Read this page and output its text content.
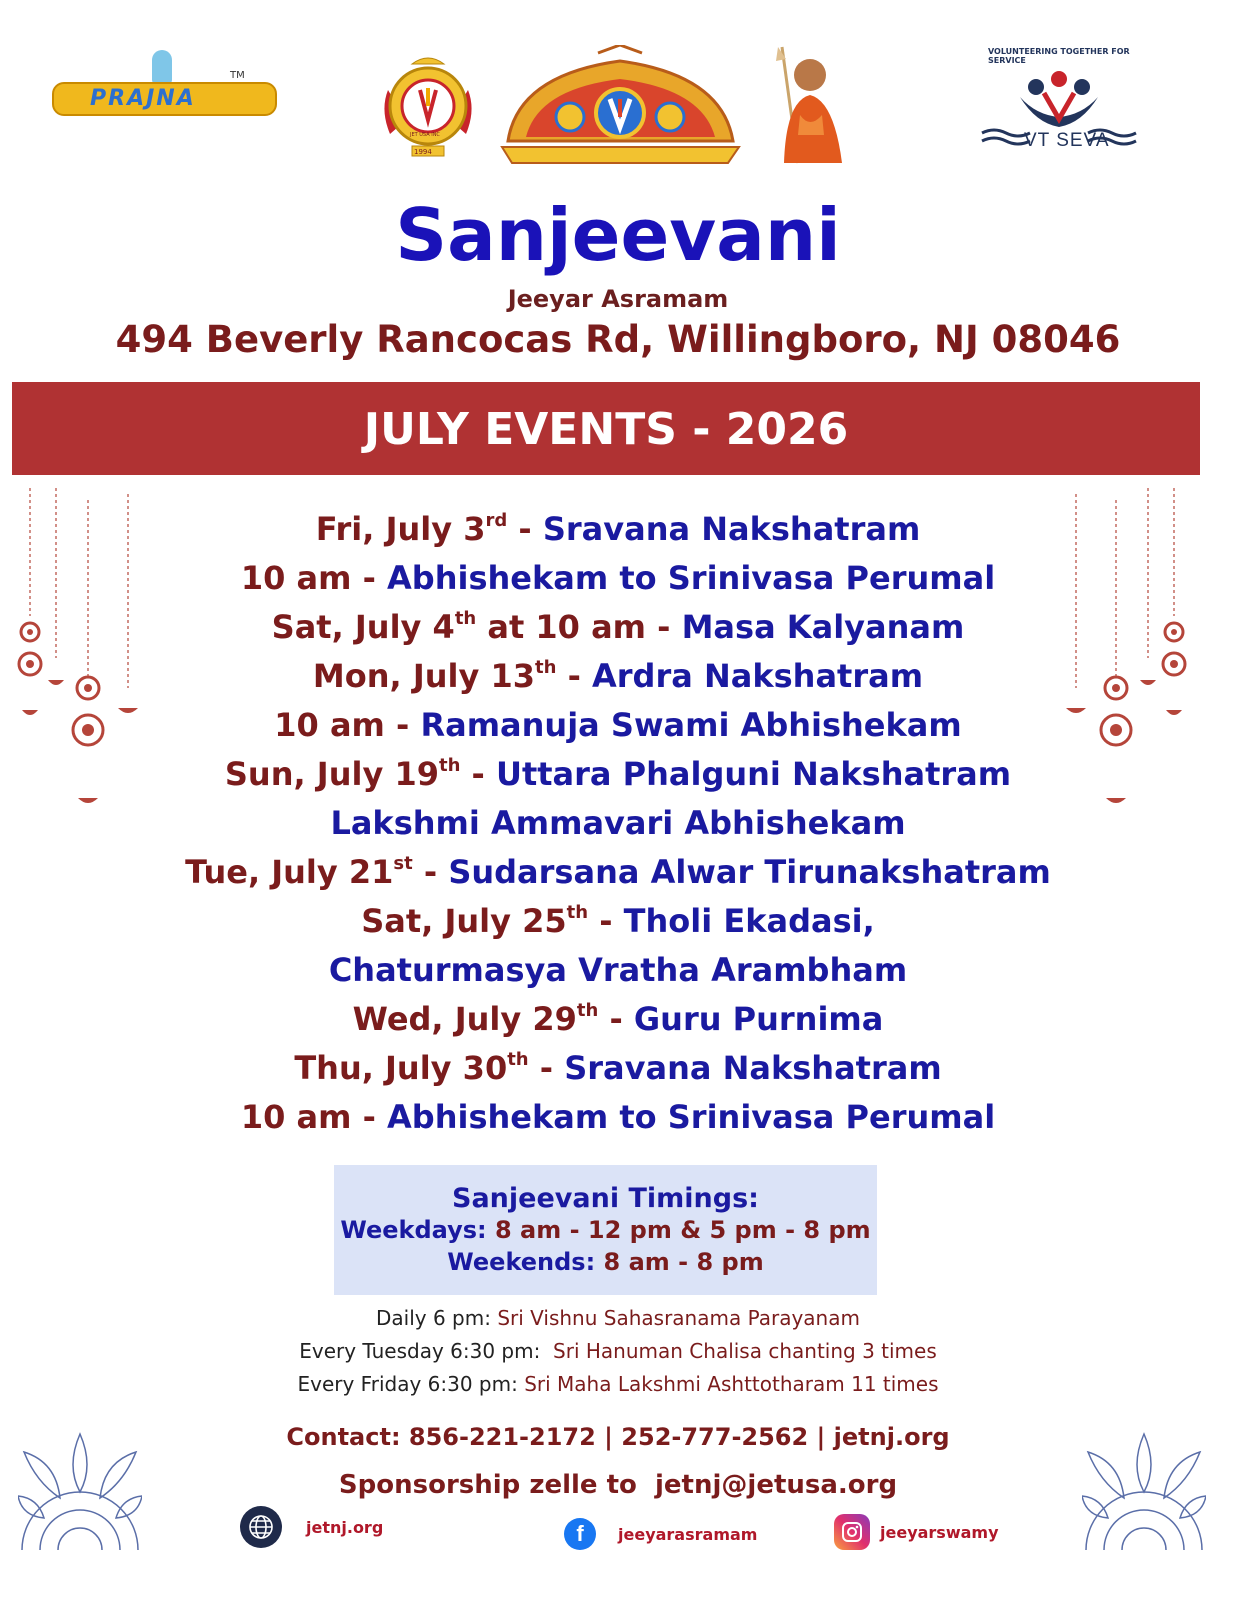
PRAJNA
TM
1994
JET USA INC
VOLUNTEERING TOGETHER FOR SERVICE
VT SEVA
Sanjeevani
Jeeyar Asramam
494 Beverly Rancocas Rd, Willingboro, NJ 08046
JULY EVENTS - 2026
Fri, July 3rd - Sravana Nakshatram
10 am - Abhishekam to Srinivasa Perumal
Sat, July 4th at 10 am - Masa Kalyanam
Mon, July 13th - Ardra Nakshatram
10 am - Ramanuja Swami Abhishekam
Sun, July 19th - Uttara Phalguni Nakshatram
Lakshmi Ammavari Abhishekam
Tue, July 21st - Sudarsana Alwar Tirunakshatram
Sat, July 25th - Tholi Ekadasi,
Chaturmasya Vratha Arambham
Wed, July 29th - Guru Purnima
Thu, July 30th - Sravana Nakshatram
10 am - Abhishekam to Srinivasa Perumal
Sanjeevani Timings:
Weekdays: 8 am - 12 pm & 5 pm - 8 pm
Weekends: 8 am - 8 pm
Daily 6 pm: Sri Vishnu Sahasranama Parayanam
Every Tuesday 6:30 pm:  Sri Hanuman Chalisa chanting 3 times
Every Friday 6:30 pm: Sri Maha Lakshmi Ashttotharam 11 times
Contact: 856-221-2172 | 252-777-2562 | jetnj.org
Sponsorship zelle to  jetnj@jetusa.org
jetnj.org	f jeeyarasramam	jeeyarswamy
